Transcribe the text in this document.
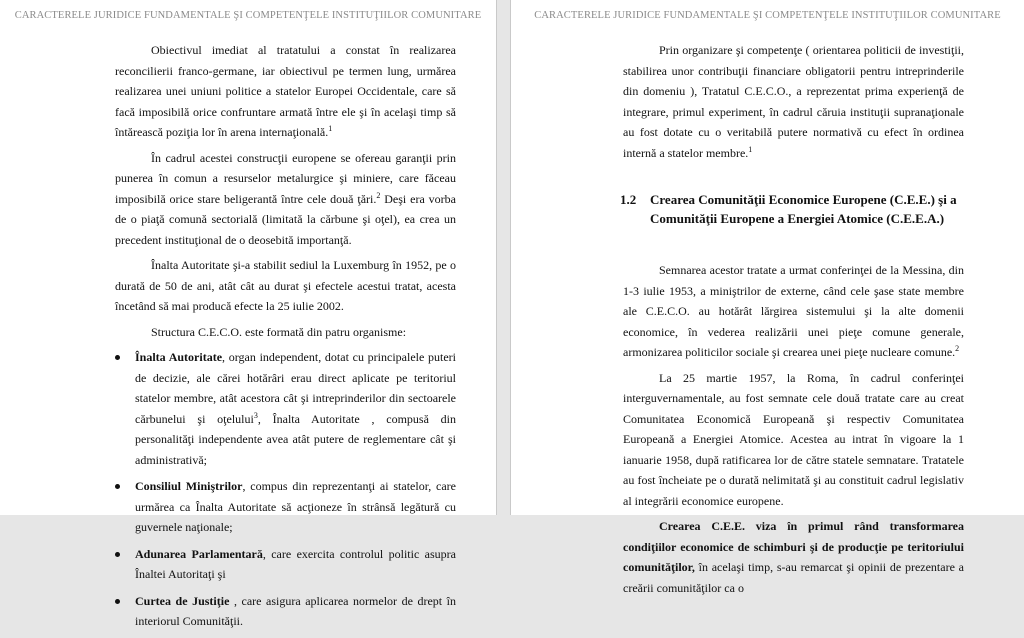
CARACTERELE JURIDICE FUNDAMENTALE ŞI COMPETENŢELE INSTITUŢIILOR COMUNITARE

Obiectivul imediat al tratatului a constat în realizarea reconcilierii franco-germane, iar obiectivul pe termen lung, urmărea realizarea unei uniuni politice a statelor Europei Occidentale, care să facă imposibilă orice confruntare armată între ele şi în acelaşi timp să întărească poziţia lor în arena internaţională.$^1$

În cadrul acestei construcţii europene se ofereau garanţii prin punerea în comun a resurselor metalurgice şi miniere, care făceau imposibilă orice stare beligerantă între cele două ţări.$^2$ Deşi era vorba de o piaţă comună sectorială (limitată la cărbune şi oţel), ea crea un precedent instituţional de o deosebită importanţă.

Înalta Autoritate şi-a stabilit sediul la Luxemburg în 1952, pe o durată de 50 de ani, atât cât au durat şi efectele acestui tratat, acesta încetând să mai producă efecte la 25 iulie 2002.

Structura C.E.C.O. este formată din patru organisme:

Înalta Autoritate, organ independent, dotat cu principalele puteri de decizie, ale cărei hotărâri erau direct aplicate pe teritoriul statelor membre, atât acestora cât şi intreprinderilor din sectoarele cărbunelui şi oţelului$^3$, Înalta Autoritate , compusă din personalităţi independente avea atât putere de reglementare cât şi administrativă;
Consiliul Miniştrilor, compus din reprezentanţi ai statelor, care urmărea ca Înalta Autoritate să acţioneze în strânsă legătură cu guvernele naţionale;
Adunarea Parlamentară, care exercita controlul politic asupra Înaltei Autoritaţi şi
Curtea de Justiţie , care asigura aplicarea normelor de drept în interiorul Comunităţii.
CARACTERELE JURIDICE FUNDAMENTALE ŞI COMPETENŢELE INSTITUŢIILOR COMUNITARE

Prin organizare şi competenţe ( orientarea politicii de investiţii, stabilirea unor contribuţii financiare obligatorii pentru intreprinderile din domeniu ), Tratatul C.E.C.O., a reprezentat prima experienţă de integrare, primul experiment, în cadrul căruia instituţii supranaţionale au fost dotate cu o veritabilă putere normativă cu efect în ordinea internă a statelor membre.$^1$

1.2	Crearea Comunităţii Economice Europene (C.E.E.) şi a Comunităţii Europene a Energiei Atomice (C.E.E.A.)

Semnarea acestor tratate a urmat conferinţei de la Messina, din 1-3 iulie 1953, a miniştrilor de externe, când cele şase state membre ale C.E.C.O. au hotărât lărgirea sistemului şi la alte domenii economice, în vederea realizării unei pieţe comune generale, armonizarea politicilor sociale şi crearea unei pieţe nucleare comune.$^2$

La 25 martie 1957, la Roma, în cadrul conferinţei interguvernamentale, au fost semnate cele două tratate care au creat Comunitatea Economică Europeană şi respectiv Comunitatea Europeană a Energiei Atomice. Acestea au intrat în vigoare la 1 ianuarie 1958, după ratificarea lor de către statele semnatare. Tratatele au fost încheiate pe o durată nelimitată şi au constituit cadrul legislativ al integrării economice europene.

Crearea C.E.E. viza în primul rând transformarea condiţiilor economice de schimburi şi de producţie pe teritoriului comunităţilor, în acelaşi timp, s-au remarcat şi opinii de prezentare a creării comunităţilor ca o
